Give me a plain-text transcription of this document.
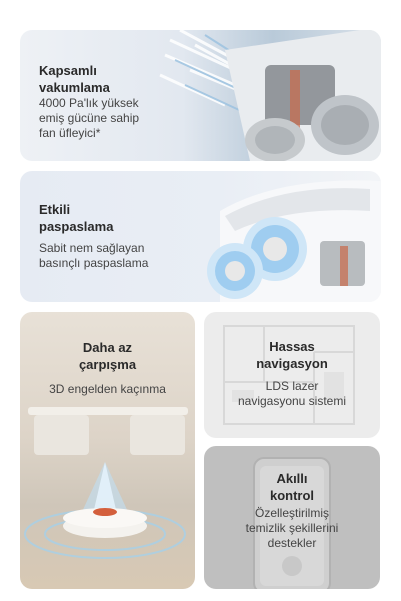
Kapsamlı
vakumlama
4000 Pa'lık yüksek
emiş gücüne sahip
fan üfleyici*
Etkili
paspaslama
Sabit nem sağlayan
basınçlı paspaslama
Daha az
çarpışma
3D engelden kaçınma
Hassas
navigasyon
LDS lazer
navigasyonu sistemi
Akıllı
kontrol
Özelleştirilmiş
temizlik şekillerini
destekler
